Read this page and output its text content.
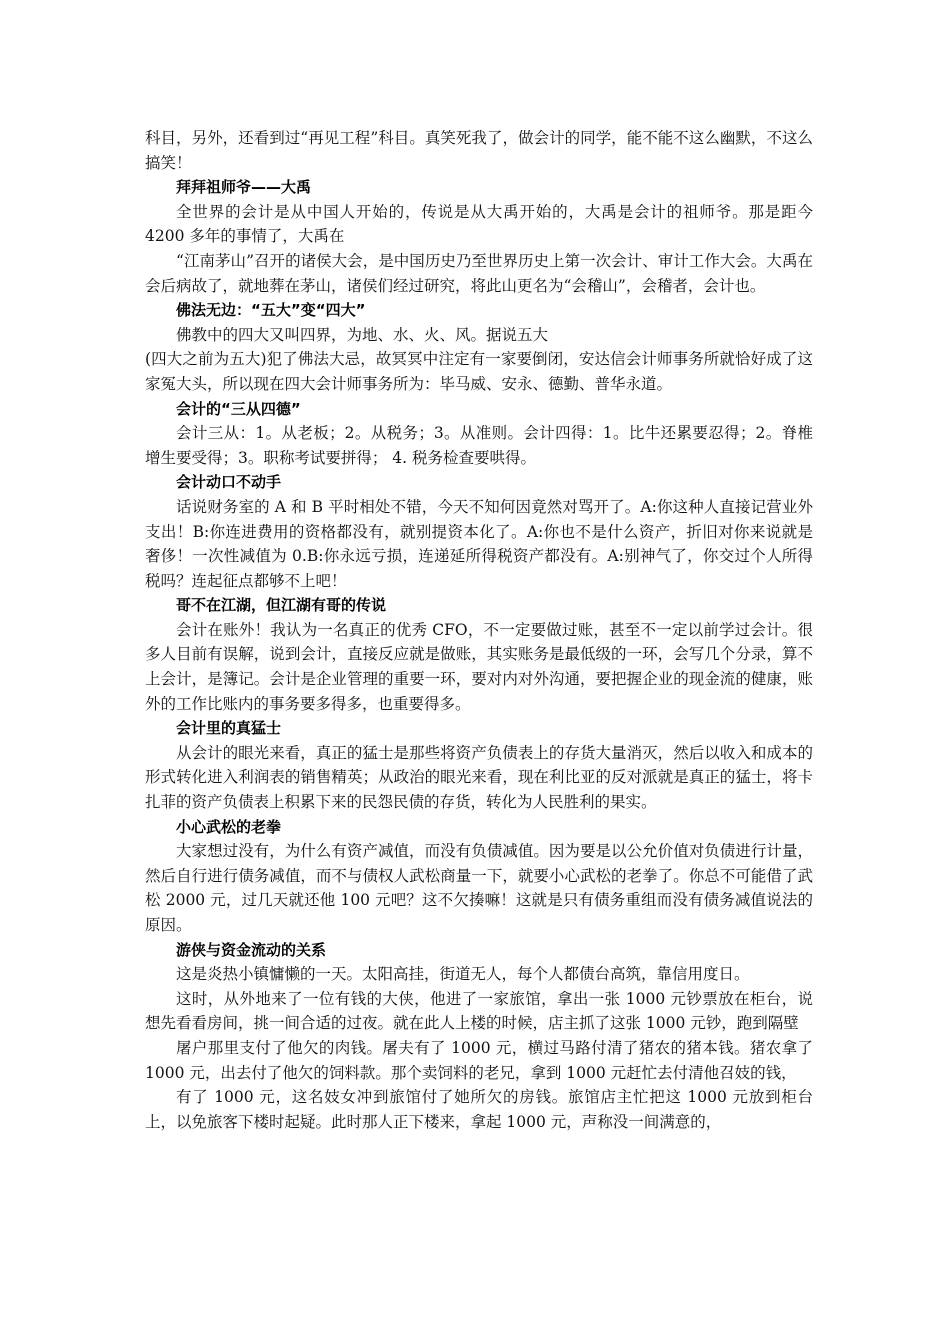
科目，另外，还看到过“再见工程”科目。真笑死我了，做会计的同学，能不能不这么幽默，不这么搞笑！

拜拜祖师爷——大禹

全世界的会计是从中国人开始的，传说是从大禹开始的，大禹是会计的祖师爷。那是距今 4200 多年的事情了，大禹在

“江南茅山”召开的诸侯大会，是中国历史乃至世界历史上第一次会计、审计工作大会。大禹在会后病故了，就地葬在茅山，诸侯们经过研究，将此山更名为“会稽山”，会稽者，会计也。

佛法无边：“五大”变“四大”

佛教中的四大又叫四界，为地、水、火、风。据说五大

(四大之前为五大)犯了佛法大忌，故冥冥中注定有一家要倒闭，安达信会计师事务所就恰好成了这家冤大头，所以现在四大会计师事务所为：毕马威、安永、德勤、普华永道。

会计的“三从四德”

会计三从：1。从老板；2。从税务；3。从准则。会计四得：1。比牛还累要忍得；2。脊椎增生要受得；3。职称考试要拼得； 4. 税务检查要哄得。

会计动口不动手

话说财务室的 A 和 B 平时相处不错，今天不知何因竟然对骂开了。A:你这种人直接记营业外支出！B:你连进费用的资格都没有，就别提资本化了。A:你也不是什么资产，折旧对你来说就是奢侈！一次性减值为 0.B:你永远亏损，连递延所得税资产都没有。A:别神气了，你交过个人所得税吗？连起征点都够不上吧！

哥不在江湖，但江湖有哥的传说

会计在账外！我认为一名真正的优秀 CFO，不一定要做过账，甚至不一定以前学过会计。很多人目前有误解，说到会计，直接反应就是做账，其实账务是最低级的一环，会写几个分录，算不上会计，是簿记。会计是企业管理的重要一环，要对内对外沟通，要把握企业的现金流的健康，账外的工作比账内的事务要多得多，也重要得多。

会计里的真猛士

从会计的眼光来看，真正的猛士是那些将资产负债表上的存货大量消灭，然后以收入和成本的形式转化进入利润表的销售精英；从政治的眼光来看，现在利比亚的反对派就是真正的猛士，将卡扎菲的资产负债表上积累下来的民怨民债的存货，转化为人民胜利的果实。

小心武松的老拳

大家想过没有，为什么有资产减值，而没有负债减值。因为要是以公允价值对负债进行计量，然后自行进行债务减值，而不与债权人武松商量一下，就要小心武松的老拳了。你总不可能借了武松 2000 元，过几天就还他 100 元吧？这不欠揍嘛！这就是只有债务重组而没有债务减值说法的原因。

游侠与资金流动的关系

这是炎热小镇慵懒的一天。太阳高挂，街道无人，每个人都债台高筑，靠信用度日。

这时，从外地来了一位有钱的大侠，他进了一家旅馆，拿出一张 1000 元钞票放在柜台，说想先看看房间，挑一间合适的过夜。就在此人上楼的时候，店主抓了这张 1000 元钞，跑到隔壁

屠户那里支付了他欠的肉钱。屠夫有了 1000 元，横过马路付清了猪农的猪本钱。猪农拿了 1000 元，出去付了他欠的饲料款。那个卖饲料的老兄，拿到 1000 元赶忙去付清他召妓的钱，

有了 1000 元，这名妓女冲到旅馆付了她所欠的房钱。旅馆店主忙把这 1000 元放到柜台上，以免旅客下楼时起疑。此时那人正下楼来，拿起 1000 元，声称没一间满意的，
